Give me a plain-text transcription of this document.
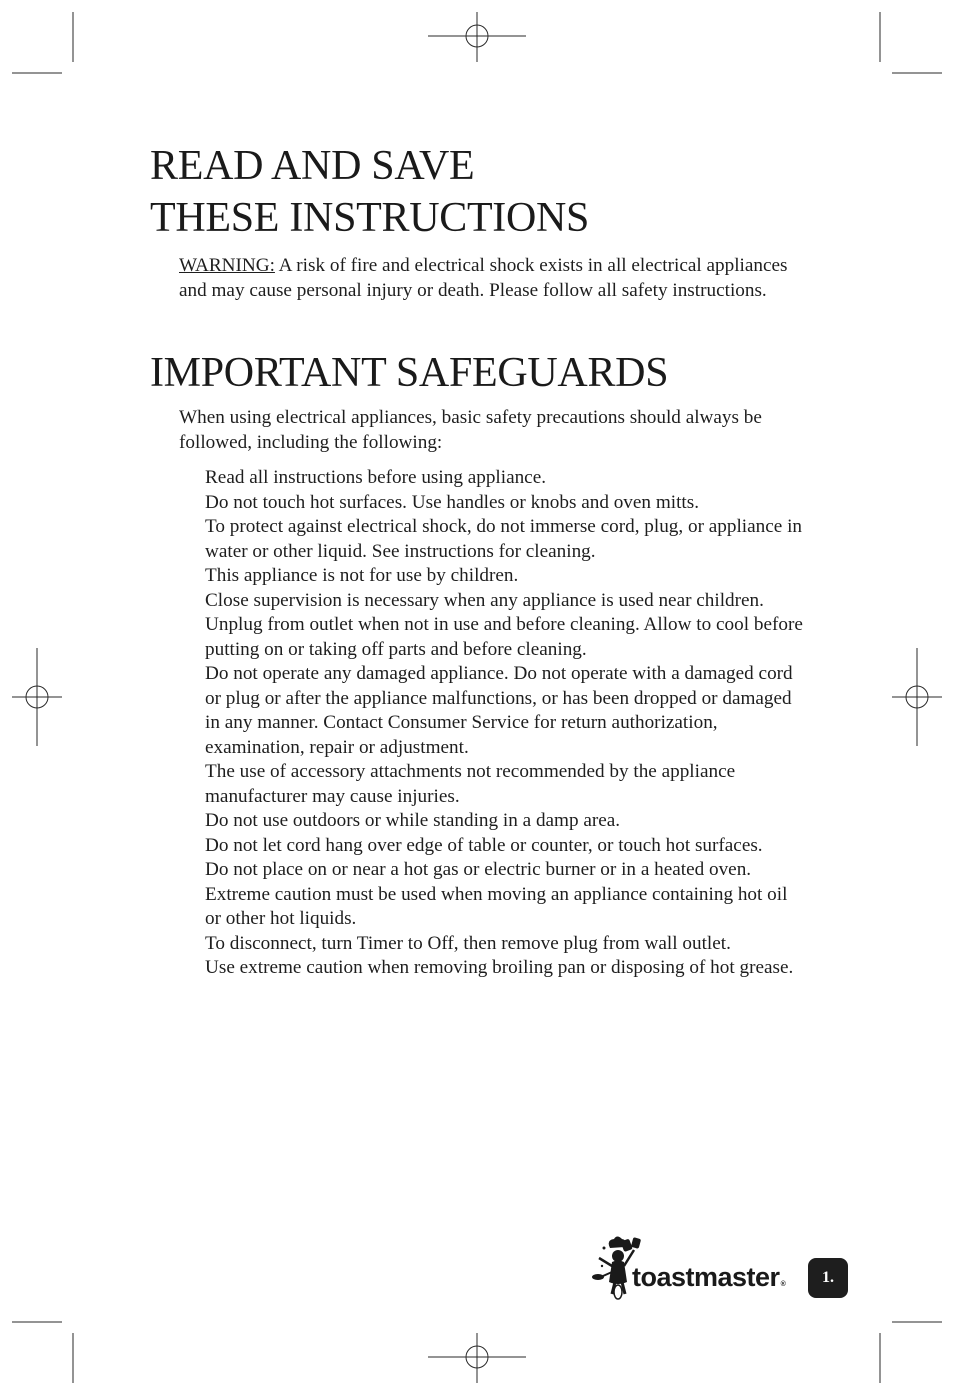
READ AND SAVE
THESE INSTRUCTIONS

WARNING: A risk of fire and electrical shock exists in all electrical appliances and may cause personal injury or death. Please follow all safety instructions.

IMPORTANT SAFEGUARDS

When using electrical appliances, basic safety precautions should always be followed, including the following:

Read all instructions before using appliance.
Do not touch hot surfaces. Use handles or knobs and oven mitts.
To protect against electrical shock, do not immerse cord, plug, or appliance in water or other liquid. See instructions for cleaning.
This appliance is not for use by children.
Close supervision is necessary when any appliance is used near children.
Unplug from outlet when not in use and before cleaning. Allow to cool before putting on or taking off parts and before cleaning.
Do not operate any damaged appliance. Do not operate with a damaged cord or plug or after the appliance malfunctions, or has been dropped or damaged in any manner. Contact Consumer Service for return authorization, examination, repair or adjustment.
The use of accessory attachments not recommended by the appliance manufacturer may cause injuries.
Do not use outdoors or while standing in a damp area.
Do not let cord hang over edge of table or counter, or touch hot surfaces.
Do not place on or near a hot gas or electric burner or in a heated oven.
Extreme caution must be used when moving an appliance containing hot oil or other hot liquids.
To disconnect, turn Timer to Off, then remove plug from wall outlet.
Use extreme caution when removing broiling pan or disposing of hot grease.
toastmaster®	1.
